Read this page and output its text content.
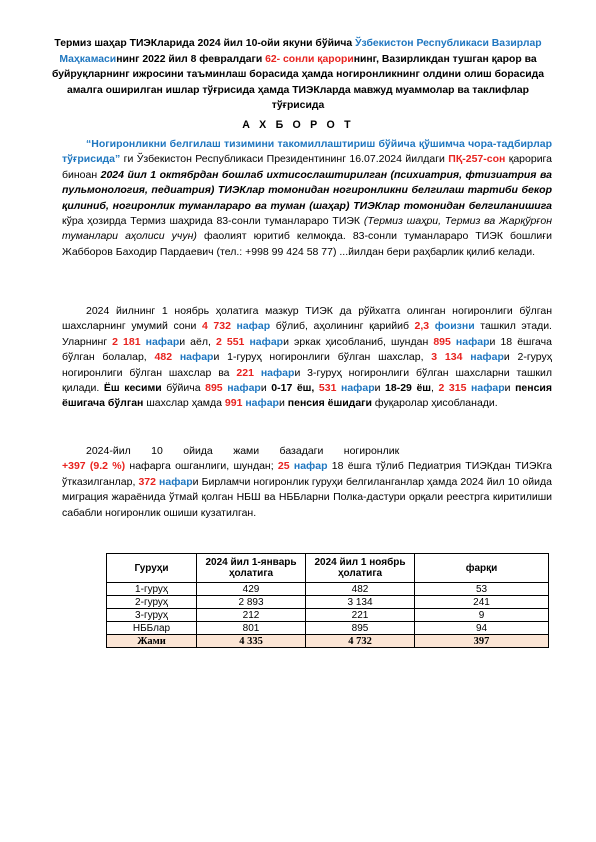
Термиз шаҳар ТИЭКларида 2024 йил 10-ойи якуни бўйича Ўзбекистон Республикаси Вазирлар Маҳкамасининг 2022 йил 8 февралдаги 62- сонли қарорининг, Вазирликдан тушган қарор ва буйруқларнинг ижросини таъминлаш борасида ҳамда ногиронликнинг олдини олиш борасида амалга оширилган ишлар тўғрисида ҳамда ТИЭКларда мавжуд муаммолар ва таклифлар тўғрисида
А Х Б О Р О Т
“Ногиронликни белгилаш тизимини такомиллаштириш бўйича қўшимча чора-тадбирлар тўғрисида” ги Ўзбекистон Республикаси Президентининг 16.07.2024 йилдаги ПҚ-257-сон қарорига биноан 2024 йил 1 октябрдан бошлаб ихтисослаштирилган (психиатрия, фтизиатрия ва пульмонология, педиатрия) ТИЭКлар томонидан ногиронликни белгилаш тартиби бекор қилиниб, ногиронлик туманлараро ва туман (шаҳар) ТИЭКлар томонидан белгиланишига кўра ҳозирда Термиз шаҳрида 83-сонли туманлараро ТИЭК (Термиз шаҳри, Термиз ва Жарқўрғон туманлари аҳолиси учун) фаолият юритиб келмоқда. 83-сонли туманлараро ТИЭК бошлиғи Жабборов Баходир Пардаевич (тел.: +998 99 424 58 77) ...йилдан бери раҳбарлик қилиб келади.
2024 йилнинг 1 ноябрь ҳолатига мазкур ТИЭК да рўйхатга олинган ногиронлиги бўлган шахсларнинг умумий сони 4 732 нафар бўлиб, аҳолининг қарийиб 2,3 фоизни ташкил этади. Уларнинг 2 181 нафари аёл, 2 551 нафари эркак ҳисобланиб, шундан 895 нафари 18 ёшгача бўлган болалар, 482 нафари 1-гуруҳ ногиронлиги бўлган шахслар, 3 134 нафари 2-гуруҳ ногиронлиги бўлган шахслар ва 221 нафари 3-гуруҳ ногиронлиги бўлган шахсларни ташкил қилади. Ёш кесими бўйича 895 нафари 0-17 ёш, 531 нафари 18-29 ёш, 2 315 нафари пенсия ёшигача бўлган шахслар ҳамда 991 нафари пенсия ёшидаги фуқаролар ҳисобланади.
2024-йил       10       ойида       жами       базадаги       ногиронлик
+397 (9.2 %) нафарга ошганлиги, шундан; 25 нафар 18 ёшга тўлиб Педиатрия ТИЭКдан ТИЭКга ўтказилганлар, 372 нафари Бирламчи ногиронлик гуруҳи белгиланганлар ҳамда 2024 йил 10 ойида миграция жараёнида ўтмай қолган НБШ ва НББларни Полка-дастури орқали реестрга киритилиши сабабли ногиронлик ошиши кузатилган.
Гуруҳи	2024 йил 1-январь ҳолатига	2024 йил 1 ноябрь ҳолатига	фарқи
1-гуруҳ	429	482	53
2-гуруҳ	2 893	3 134	241
3-гуруҳ	212	221	9
НББлар	801	895	94
Жами	4 335	4 732	397
